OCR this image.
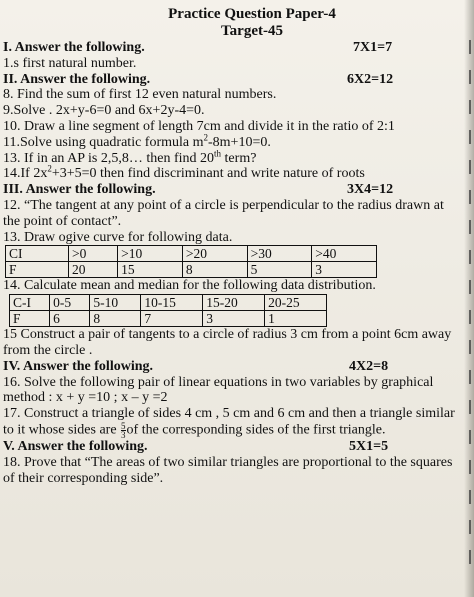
Practice Question Paper-4
Target-45
I. Answer the following.	7X1=7
1.s first natural number.
II. Answer the following.	6X2=12
8. Find the sum of first 12 even natural numbers.
9.Solve . 2x+y-6=0 and 6x+2y-4=0.
10. Draw a line segment of length 7cm and divide it in the ratio of 2:1
11.Solve using quadratic formula $m^2-8m+10=0$.
13. If in an AP is 2,5,8… then find 20th term?
14.If $2x^2+3+5=0$ then find discriminant and write nature of roots
III. Answer the following.	3X4=12
12. “The tangent at any point of a circle is perpendicular to the radius drawn at the point of contact”.
13. Draw ogive curve for following data.
CI	>0	>10	>20	>30	>40
F	20	15	8	5	3
14. Calculate mean and median for the following data distribution.
C-I	0-5	5-10	10-15	15-20	20-25
F	6	8	7	3	1
15 Construct a pair of tangents to a circle of radius 3 cm from a point 6cm away from the circle .
IV. Answer the following.	4X2=8
16. Solve the following pair of linear equations in two variables by graphical method : x + y =10 ; x – y =2
17. Construct a triangle of sides 4 cm , 5 cm and 6 cm and then a triangle similar to it whose sides are $\frac{5}{3}$ of the corresponding sides of the first triangle.
V. Answer the following.	5X1=5
18. Prove that “The areas of two similar triangles are proportional to the squares of their corresponding side”.
